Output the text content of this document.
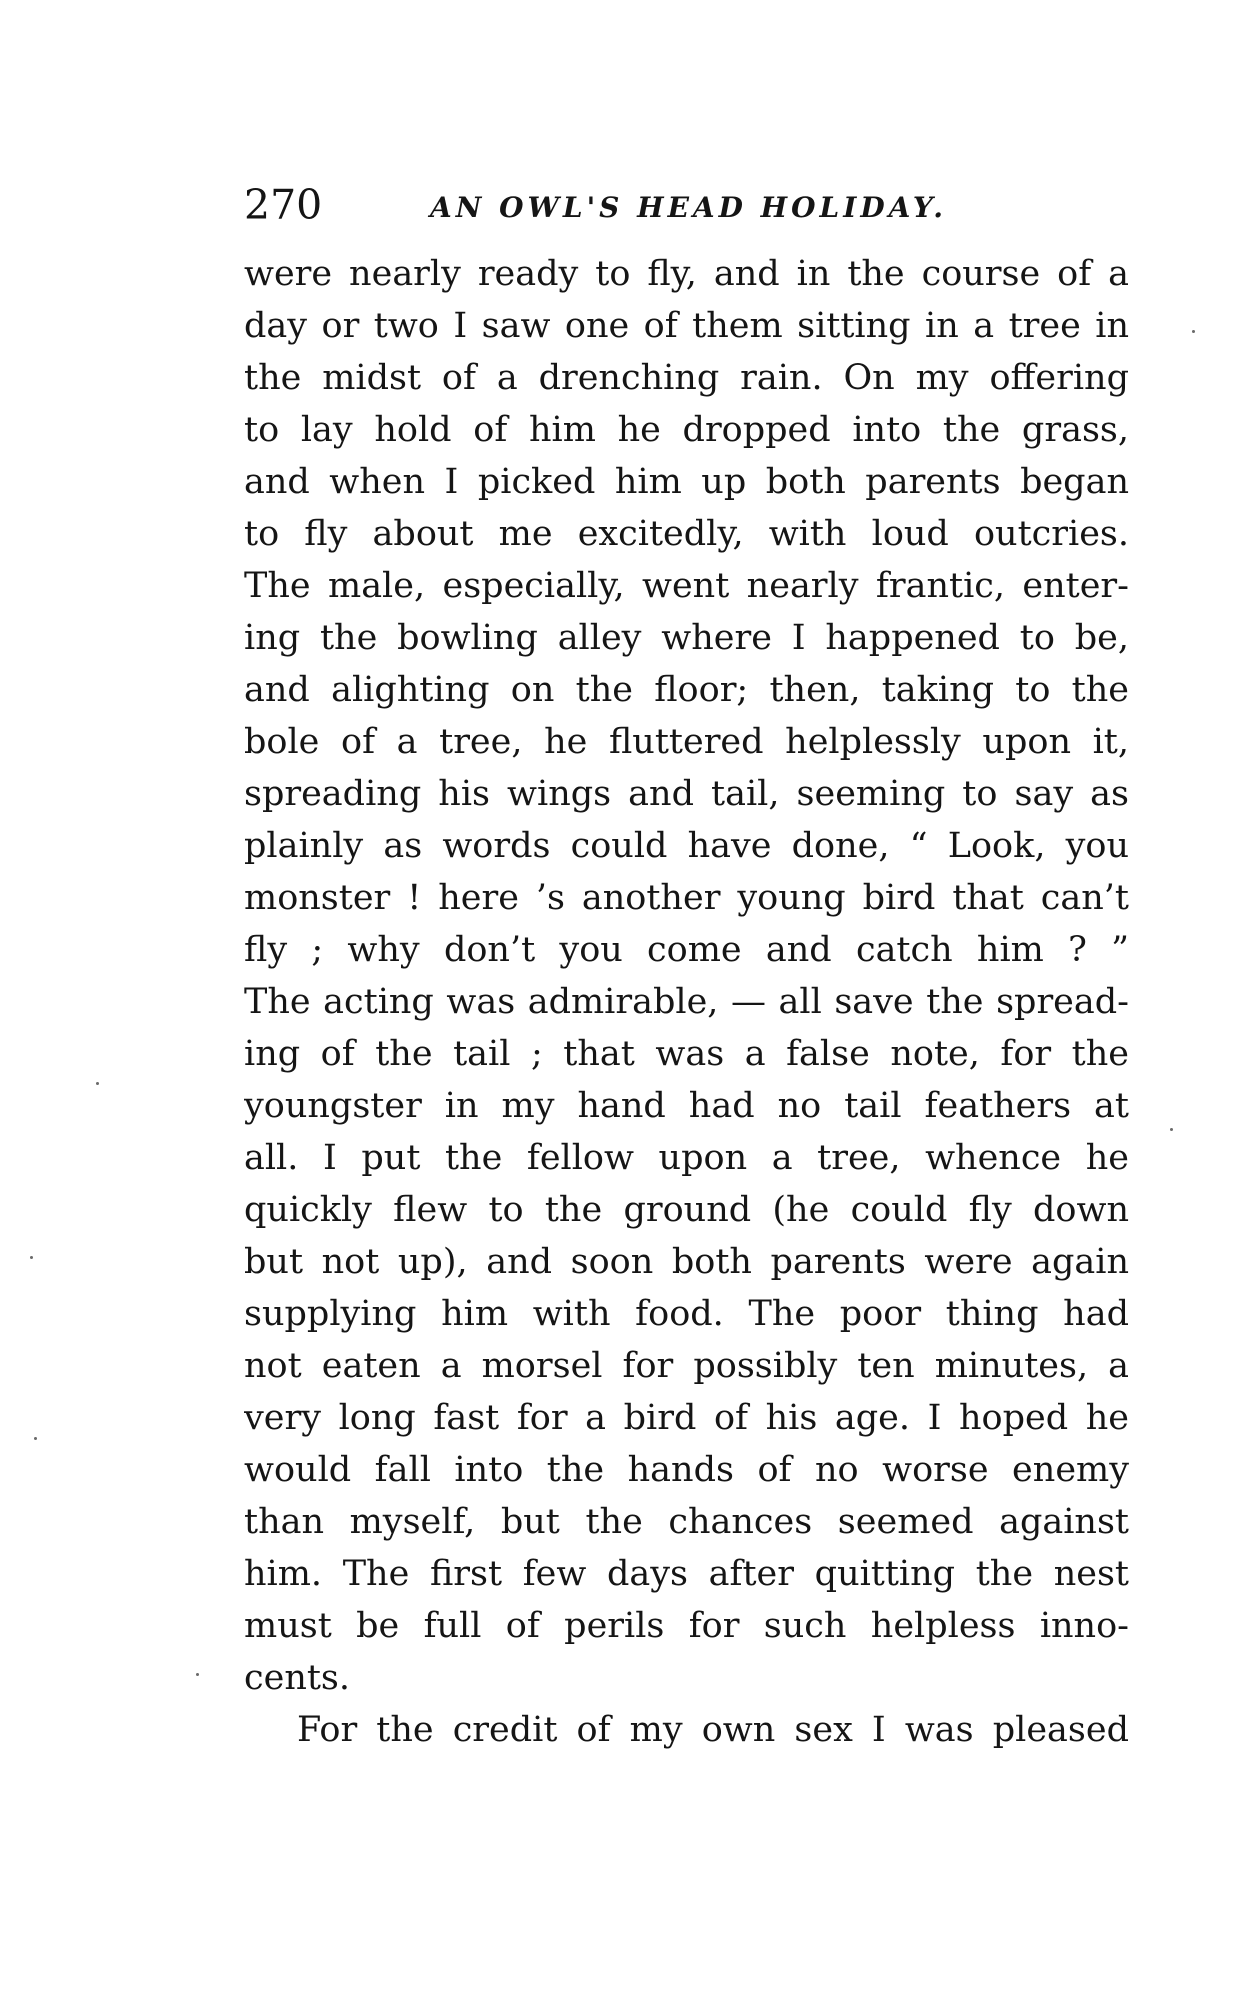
270	AN OWL'S HEAD HOLIDAY.
were nearly ready to fly, and in the course of a
day or two I saw one of them sitting in a tree in
the midst of a drenching rain. On my offering
to lay hold of him he dropped into the grass,
and when I picked him up both parents began
to fly about me excitedly, with loud outcries.
The male, especially, went nearly frantic, enter-
ing the bowling alley where I happened to be,
and alighting on the floor; then, taking to the
bole of a tree, he fluttered helplessly upon it,
spreading his wings and tail, seeming to say as
plainly as words could have done, “ Look, you
monster ! here ’s another young bird that can’t
fly ; why don’t you come and catch him ? ”
The acting was admirable, — all save the spread-
ing of the tail ; that was a false note, for the
youngster in my hand had no tail feathers at
all. I put the fellow upon a tree, whence he
quickly flew to the ground (he could fly down
but not up), and soon both parents were again
supplying him with food. The poor thing had
not eaten a morsel for possibly ten minutes, a
very long fast for a bird of his age. I hoped he
would fall into the hands of no worse enemy
than myself, but the chances seemed against
him. The first few days after quitting the nest
must be full of perils for such helpless inno-
cents.
For the credit of my own sex I was pleased
